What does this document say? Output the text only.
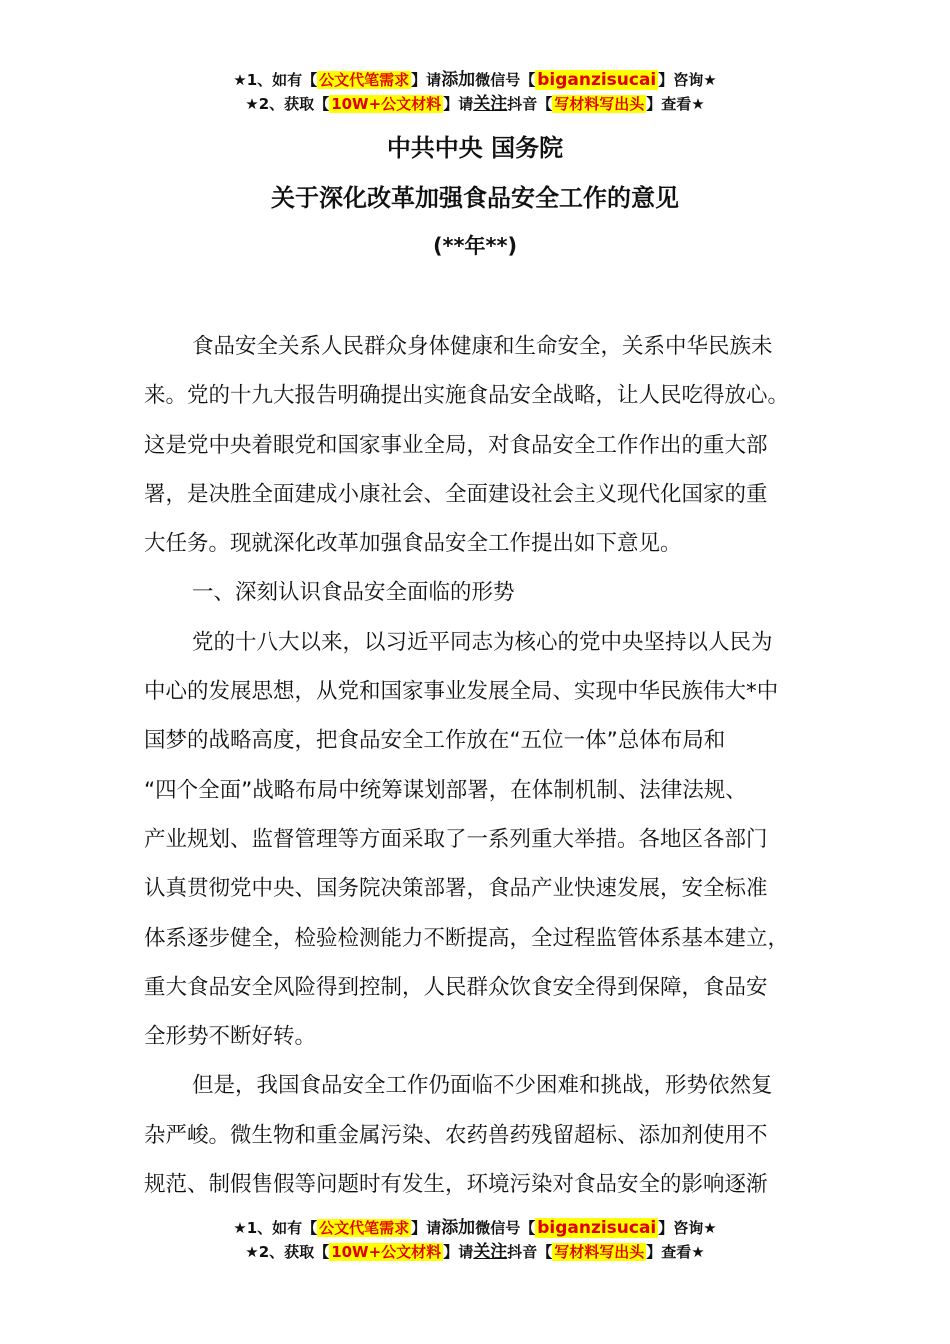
★1、如有【 公文代笔需求 】请添加微信号【 biganzisucai 】咨询★
★2、获取【 10W+公文材料 】请关注抖音【 写材料写出头 】查看★
中共中央 国务院
关于深化改革加强食品安全工作的意见
(**年**)
食品安全关系人民群众身体健康和生命安全，关系中华民族未
来。党的十九大报告明确提出实施食品安全战略，让人民吃得放心。
这是党中央着眼党和国家事业全局，对食品安全工作作出的重大部
署，是决胜全面建成小康社会、全面建设社会主义现代化国家的重
大任务。现就深化改革加强食品安全工作提出如下意见。
一、深刻认识食品安全面临的形势
党的十八大以来，以习近平同志为核心的党中央坚持以人民为
中心的发展思想，从党和国家事业发展全局、实现中华民族伟大*中
国梦的战略高度，把食品安全工作放在“五位一体”总体布局和
“四个全面”战略布局中统筹谋划部署，在体制机制、法律法规、
产业规划、监督管理等方面采取了一系列重大举措。各地区各部门
认真贯彻党中央、国务院决策部署，食品产业快速发展，安全标准
体系逐步健全，检验检测能力不断提高，全过程监管体系基本建立，
重大食品安全风险得到控制，人民群众饮食安全得到保障，食品安
全形势不断好转。
但是，我国食品安全工作仍面临不少困难和挑战，形势依然复
杂严峻。微生物和重金属污染、农药兽药残留超标、添加剂使用不
规范、制假售假等问题时有发生，环境污染对食品安全的影响逐渐
★1、如有【 公文代笔需求 】请添加微信号【 biganzisucai 】咨询★
★2、获取【 10W+公文材料 】请关注抖音【 写材料写出头 】查看★
